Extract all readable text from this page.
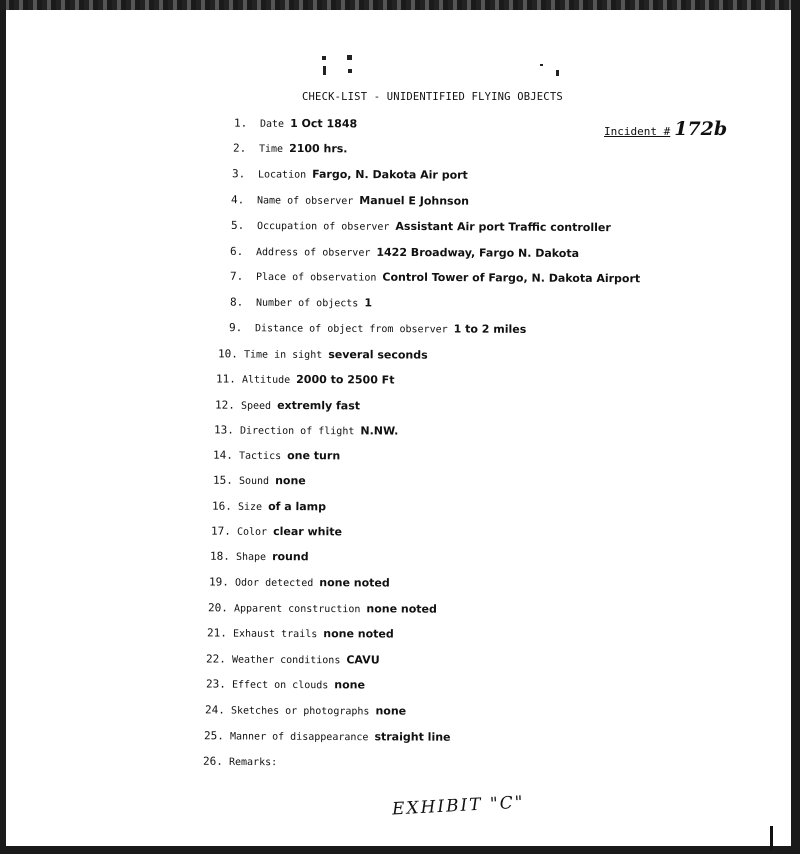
CHECK-LIST - UNIDENTIFIED FLYING OBJECTS
Incident # 172b
1. Date 1 Oct 1848
2. Time 2100 hrs.
3. Location Fargo, N. Dakota Air port
4. Name of observer Manuel E Johnson
5. Occupation of observer Assistant Air port Traffic controller
6. Address of observer 1422 Broadway, Fargo N. Dakota
7. Place of observation Control Tower of Fargo, N. Dakota Airport
8. Number of objects 1
9. Distance of object from observer 1 to 2 miles
10. Time in sight several seconds
11. Altitude 2000 to 2500 Ft
12. Speed extremly fast
13. Direction of flight N.NW.
14. Tactics one turn
15. Sound none
16. Size of a lamp
17. Color clear white
18. Shape round
19. Odor detected none noted
20. Apparent construction none noted
21. Exhaust trails none noted
22. Weather conditions CAVU
23. Effect on clouds none
24. Sketches or photographs none
25. Manner of disappearance straight line
26. Remarks:
EXHIBIT "C"
